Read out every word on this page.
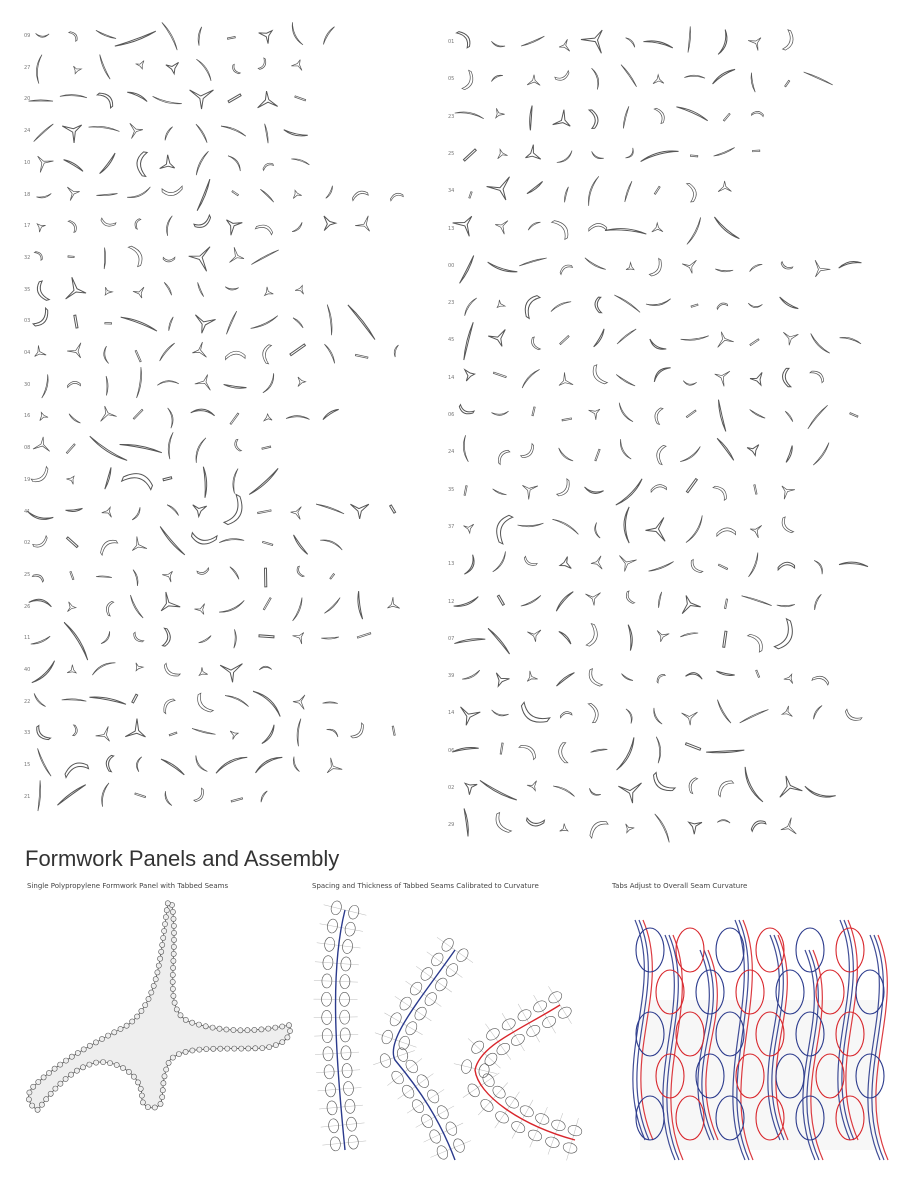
09
27
20
24
10
18
17
32
35
03
04
30
16
08
19
41
02
25
26
11
40
22
33
15
21
01
05
23
25
34
13
00
23
45
14
06
24
35
37
13
12
07
39
14
06
02
29
Formwork Panels and Assembly
Single Polypropylene Formwork Panel with Tabbed Seams	Spacing and Thickness of Tabbed Seams Calibrated to Curvature	Tabs Adjust to Overall Seam Curvature
